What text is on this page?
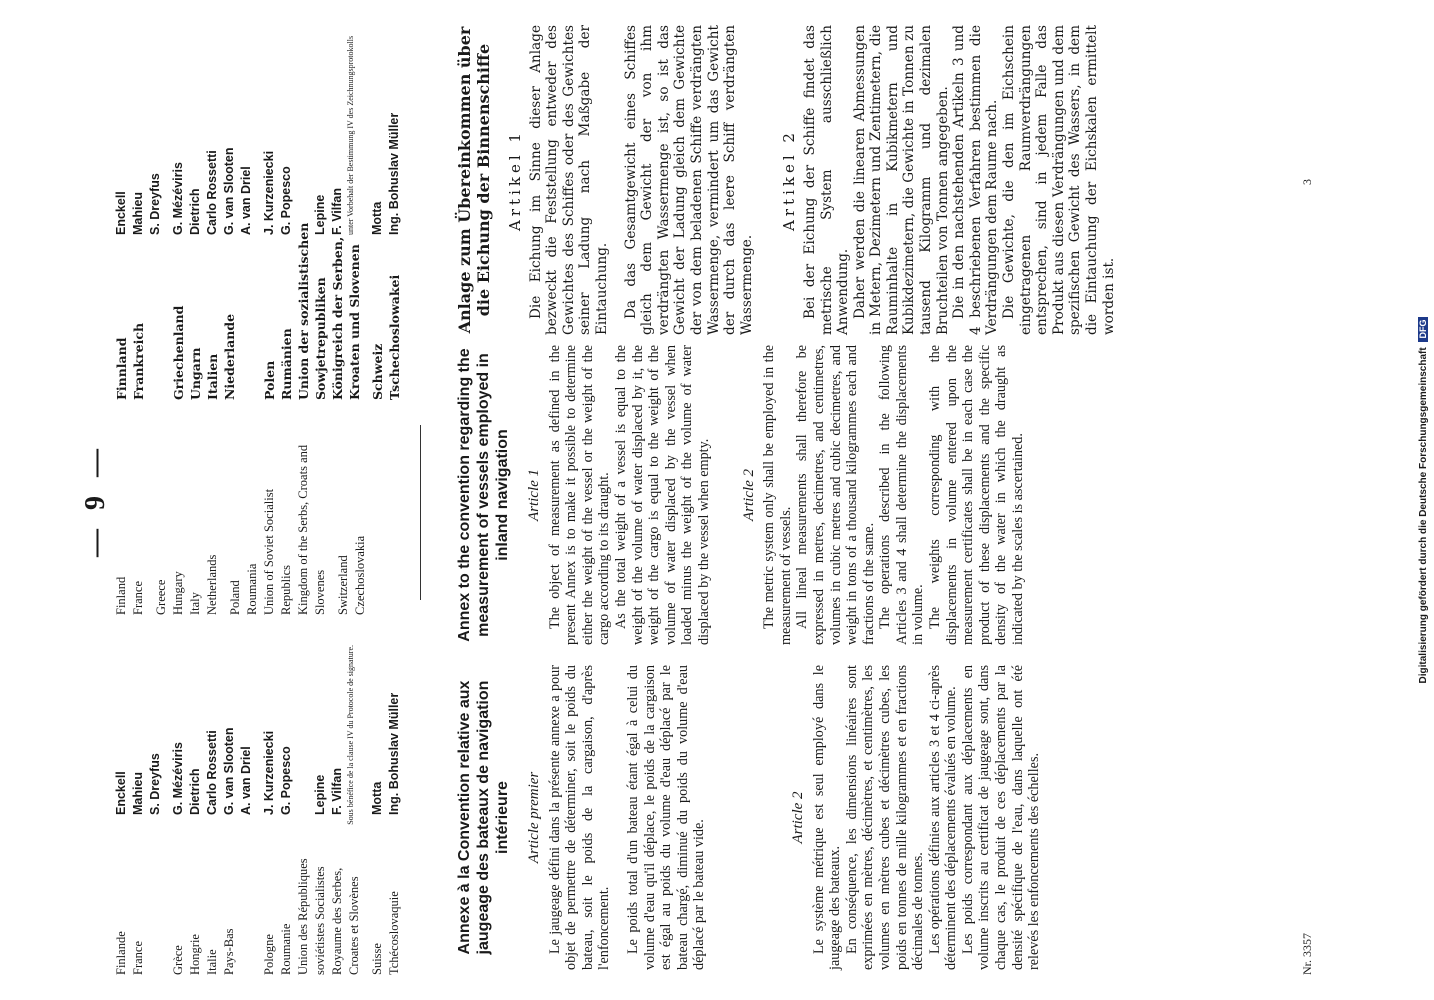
— 9 —
Finlande
Enckell
France
Mahieu S. Dreyfus
Grèce
G. Mézéviris
Hongrie
Dietrich
Italie
Carlo Rossetti
Pays-Bas
G. van Slooten A. van Driel
Pologne
J. Kurzeniecki
Roumanie
G. Popesco
Union des Républiques soviétistes Socialistes
Lepine
Royaume des Serbes,
F. Vilfan
Croates et Slovènes
Sous bénéfice de la clause IV du Protocole de signature.
Suisse
Motta
Tchécoslovaquie
Ing. Bohuslav Müller
Finland France Greece Hungary Italy Netherlands Poland Roumania Union of Soviet Socialist Republics Kingdom of the Serbs, Croats and Slovenes Switzerland Czechoslovakia
Finnland
Enckell
Frankreich
Mahieu S. Dreyfus
Griechenland
G. Mézéviris
Ungarn
Dietrich
Italien
Carlo Rossetti
Niederlande
G. van Slooten A. van Driel
Polen
J. Kurzeniecki
Rumänien
G. Popesco
Union der sozialistischen Sowjetrepubliken
Lepine
Königreich der Serben,
F. Vilfan
Kroaten und Slovenen
unter Vorbehalt der Bestimmung IV des Zeichnungsprotokolls
Schweiz
Motta
Tschechoslowakei
Ing. Bohuslav Müller
Annexe à la Convention relative aux jaugeage des bateaux de navigation intérieure Article premier Le jaugeage défini dans la présente annexe a pour objet de permettre de déterminer, soit le poids du bateau, soit le poids de la cargaison, d'après l'enfoncement. Le poids total d'un bateau étant égal à celui du volume d'eau qu'il déplace, le poids de la cargaison est égal au poids du volume d'eau déplacé par le bateau chargé, diminué du poids du volume d'eau déplacé par le bateau vide.

Article 2 Le système métrique est seul employé dans le jaugeage des bateaux. En conséquence, les dimensions linéaires sont exprimées en mètres, décimètres, et centimètres, les volumes en mètres cubes et décimètres cubes, les poids en tonnes de mille kilogrammes et en fractions décimales de tonnes. Les opérations définies aux articles 3 et 4 ci-après déterminent des déplacements évalués en volume. Les poids correspondant aux déplacements en volume inscrits au certificat de jaugeage sont, dans chaque cas, le produit de ces déplacements par la densité spécifique de l'eau, dans laquelle ont été relevés les enfoncements des échelles.

Annex to the convention regarding the measurement of vessels employed in inland navigation Article 1 The object of measurement as defined in the present Annex is to make it possible to determine either the weight of the vessel or the weight of the cargo according to its draught. As the total weight of a vessel is equal to the weight of the volume of water displaced by it, the weight of the cargo is equal to the weight of the volume of water displaced by the vessel when loaded minus the weight of the volume of water displaced by the vessel when empty. Article 2 The metric system only shall be employed in the measurement of vessels. All lineal measurements shall therefore be expressed in metres, decimetres, and centimetres, volumes in cubic metres and cubic decimetres, and weight in tons of a thousand kilogrammes each and fractions of the same. The operations described in the following Articles 3 and 4 shall determine the displacements in volume. The weights corresponding with the displacements in volume entered upon the measurement certificates shall be in each case the product of these displacements and the specific density of the water in which the draught as indicated by the scales is ascertained.

Anlage zum Übereinkommen über die Eichung der Binnenschiffe Artikel 1 Die Eichung im Sinne dieser Anlage bezweckt die Feststellung entweder des Gewichtes des Schiffes oder des Gewichtes seiner Ladung nach Maßgabe der Eintauchung. Da das Gesamtgewicht eines Schiffes gleich dem Gewicht der von ihm verdrängten Wassermenge ist, so ist das Gewicht der Ladung gleich dem Gewichte der von dem beladenen Schiffe verdrängten Wassermenge, vermindert um das Gewicht der durch das leere Schiff verdrängten Wassermenge.

Artikel 2 Bei der Eichung der Schiffe findet das metrische System ausschließlich Anwendung. Daher werden die linearen Abmessungen in Metern, Dezimetern und Zentimetern, die Rauminhalte in Kubikmetern und Kubikdezimetern, die Gewichte in Tonnen zu tausend Kilogramm und dezimalen Bruchteilen von Tonnen angegeben. Die in den nachstehenden Artikeln 3 und 4 beschriebenen Verfahren bestimmen die Verdrängungen dem Raume nach. Die Gewichte, die den im Eichschein eingetragenen Raumverdrängungen entsprechen, sind in jedem Falle das Produkt aus diesen Verdrängungen und dem spezifischen Gewicht des Wassers, in dem die Eintauchung der Eichskalen ermittelt worden ist.

Nr. 3357
3
Digitalisierung gefördert durch die Deutsche Forschungsgemeinschaft DFG
